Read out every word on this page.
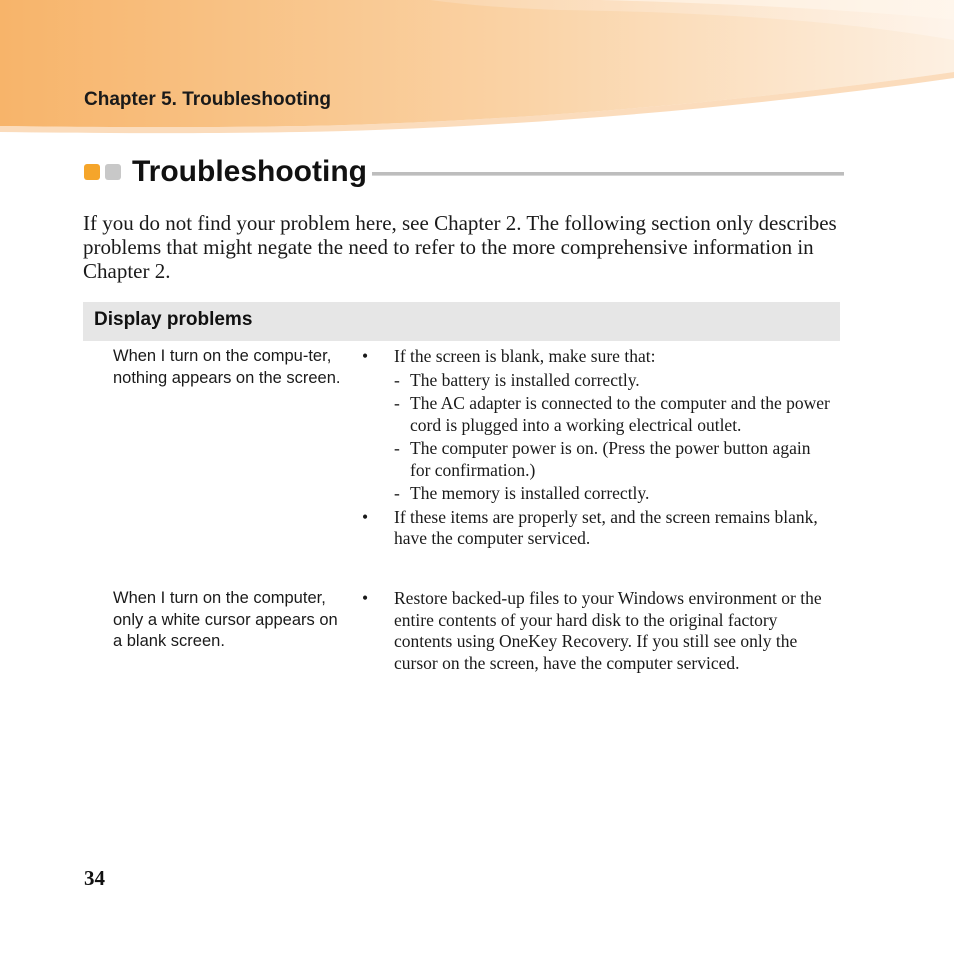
Chapter 5. Troubleshooting
Troubleshooting
If you do not find your problem here, see Chapter 2. The following section only describes problems that might negate the need to refer to the more comprehensive information in Chapter 2.
Display problems
When I turn on the compu-ter, nothing appears on the screen.
• If the screen is blank, make sure that:
- The battery is installed correctly.
- The AC adapter is connected to the computer and the power cord is plugged into a working electrical outlet.
- The computer power is on. (Press the power button again for confirmation.)
- The memory is installed correctly.
• If these items are properly set, and the screen remains blank, have the computer serviced.
When I turn on the computer, only a white cursor appears on a blank screen.
• Restore backed-up files to your Windows environment or the entire contents of your hard disk to the original factory contents using OneKey Recovery. If you still see only the cursor on the screen, have the computer serviced.
34
